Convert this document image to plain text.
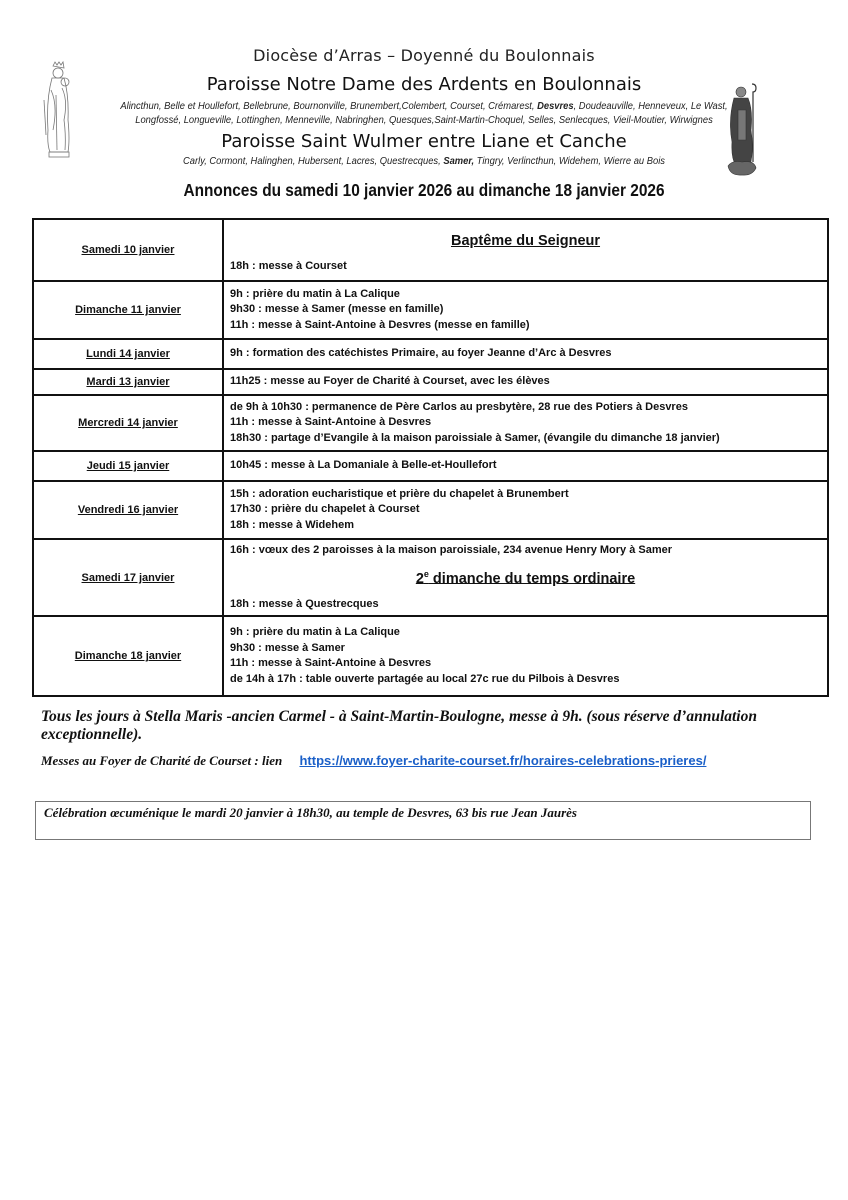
Diocèse d’Arras – Doyenné du Boulonnais
Paroisse Notre Dame des Ardents en Boulonnais
Alincthun, Belle et Houllefort, Bellebrune, Bournonville, Brunembert,Colembert, Courset, Crémarest, Desvres, Doudeauville, Henneveux, Le Wast,
Longfossé, Longueville, Lottinghen, Menneville, Nabringhen, Quesques,Saint-Martin-Choquel, Selles, Senlecques, Vieil-Moutier, Wirwignes
Paroisse Saint Wulmer entre Liane et Canche
Carly, Cormont, Halinghen, Hubersent, Lacres, Questrecques, Samer, Tingry, Verlincthun, Widehem, Wierre au Bois
Annonces du samedi 10 janvier 2026 au dimanche 18 janvier 2026
Samedi 10 janvier	Baptême du Seigneur
18h : messe à Courset

Dimanche 11 janvier	9h : prière du matin à La Calique
9h30 : messe à Samer (messe en famille)
11h : messe à Saint-Antoine à Desvres (messe en famille)

Lundi 14 janvier	9h : formation des catéchistes Primaire, au foyer Jeanne d’Arc à Desvres

Mardi 13 janvier	11h25 : messe au Foyer de Charité à Courset, avec les élèves

Mercredi 14 janvier	de 9h à 10h30 : permanence de Père Carlos au presbytère, 28 rue des Potiers à Desvres
11h : messe à Saint-Antoine à Desvres
18h30 : partage d’Evangile à la maison paroissiale à Samer, (évangile du dimanche 18 janvier)

Jeudi 15 janvier	10h45 : messe à La Domaniale à Belle-et-Houllefort

Vendredi 16 janvier	15h : adoration eucharistique et prière du chapelet à Brunembert
17h30 : prière du chapelet à Courset
18h : messe à Widehem

Samedi 17 janvier	16h : vœux des 2 paroisses à la maison paroissiale, 234 avenue Henry Mory à Samer
2e dimanche du temps ordinaire
18h : messe à Questrecques

Dimanche 18 janvier	9h : prière du matin à La Calique
9h30 : messe à Samer
11h : messe à Saint-Antoine à Desvres
de 14h à 17h : table ouverte partagée au local 27c rue du Pilbois à Desvres
Tous les jours à Stella Maris -ancien Carmel - à Saint-Martin-Boulogne, messe à 9h. (sous réserve d’annulation exceptionnelle).
Messes au Foyer de Charité de Courset : lien https://www.foyer-charite-courset.fr/horaires-celebrations-prieres/
Célébration œcuménique le mardi 20 janvier à 18h30, au temple de Desvres, 63 bis rue Jean Jaurès
